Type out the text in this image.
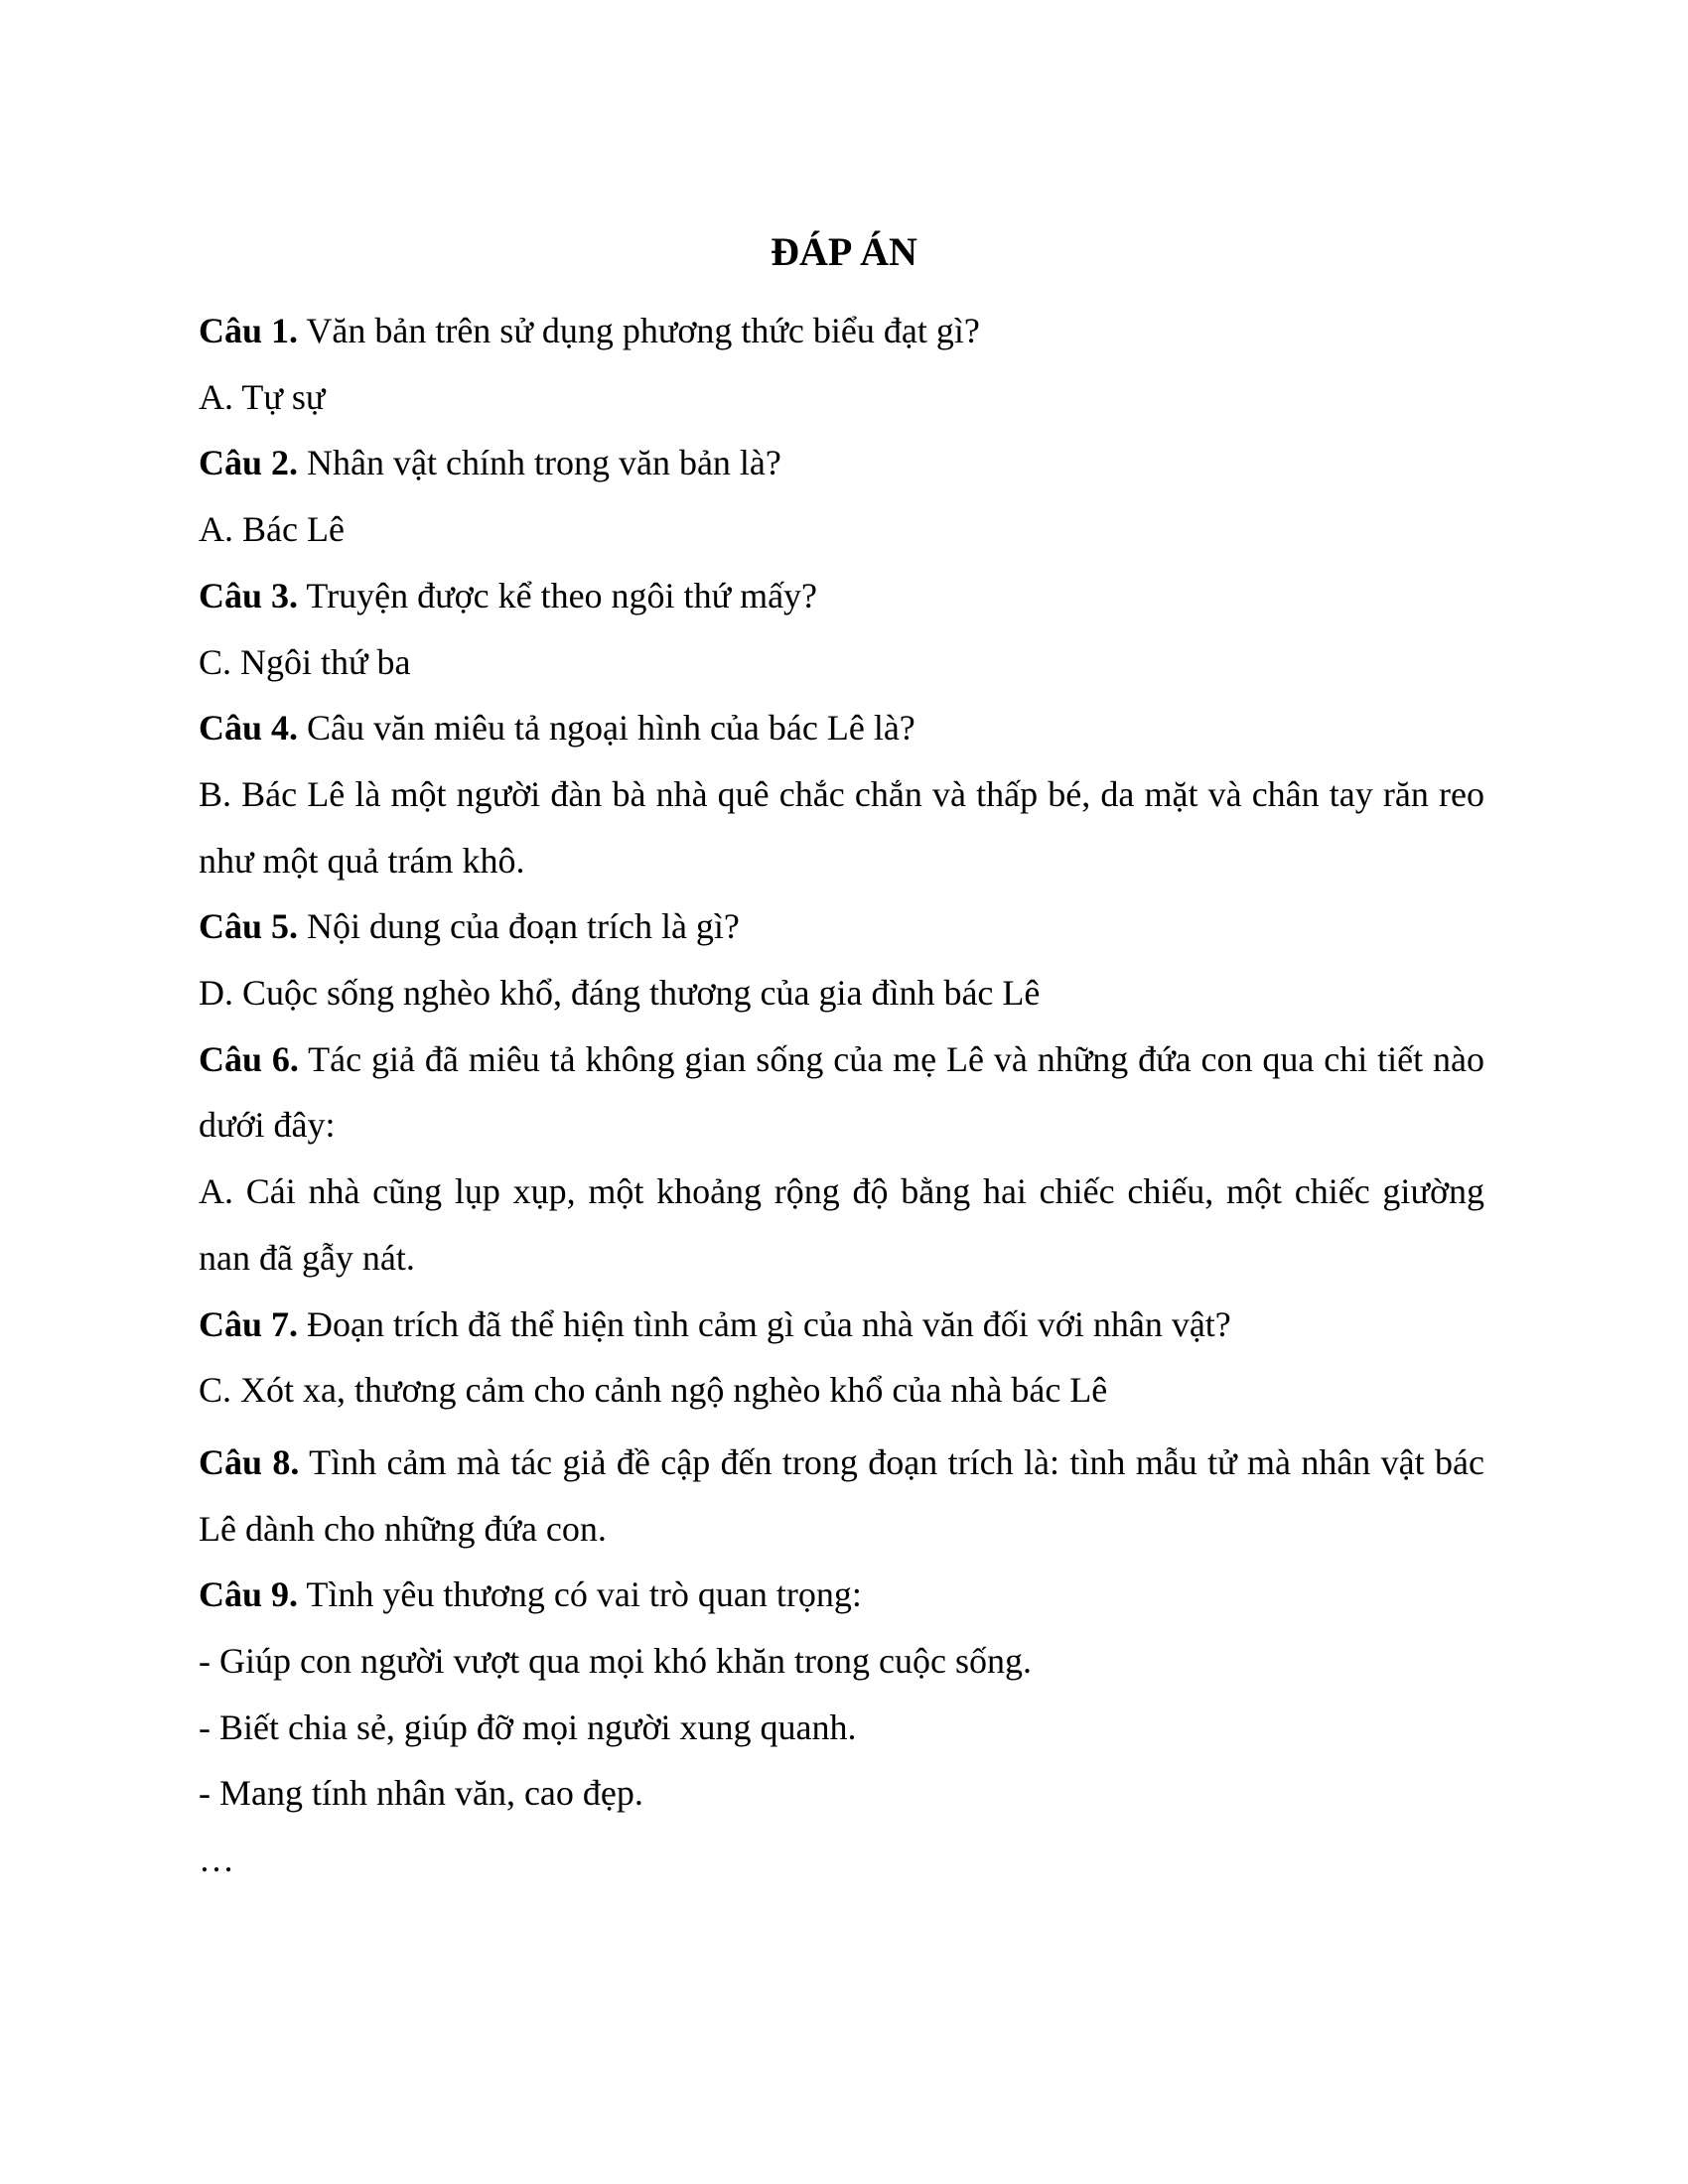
ĐÁP ÁN

Câu 1. Văn bản trên sử dụng phương thức biểu đạt gì?

A. Tự sự

Câu 2. Nhân vật chính trong văn bản là?

A. Bác Lê

Câu 3. Truyện được kể theo ngôi thứ mấy?

C. Ngôi thứ ba

Câu 4. Câu văn miêu tả ngoại hình của bác Lê là?

B. Bác Lê là một người đàn bà nhà quê chắc chắn và thấp bé, da mặt và chân tay răn reo như một quả trám khô.

Câu 5. Nội dung của đoạn trích là gì?

D. Cuộc sống nghèo khổ, đáng thương của gia đình bác Lê

Câu 6. Tác giả đã miêu tả không gian sống của mẹ Lê và những đứa con qua chi tiết nào dưới đây:

A. Cái nhà cũng lụp xụp, một khoảng rộng độ bằng hai chiếc chiếu, một chiếc giường nan đã gẫy nát.

Câu 7. Đoạn trích đã thể hiện tình cảm gì của nhà văn đối với nhân vật?

C. Xót xa, thương cảm cho cảnh ngộ nghèo khổ của nhà bác Lê

Câu 8. Tình cảm mà tác giả đề cập đến trong đoạn trích là: tình mẫu tử mà nhân vật bác Lê dành cho những đứa con.

Câu 9. Tình yêu thương có vai trò quan trọng:

- Giúp con người vượt qua mọi khó khăn trong cuộc sống.

- Biết chia sẻ, giúp đỡ mọi người xung quanh.

- Mang tính nhân văn, cao đẹp.

…
